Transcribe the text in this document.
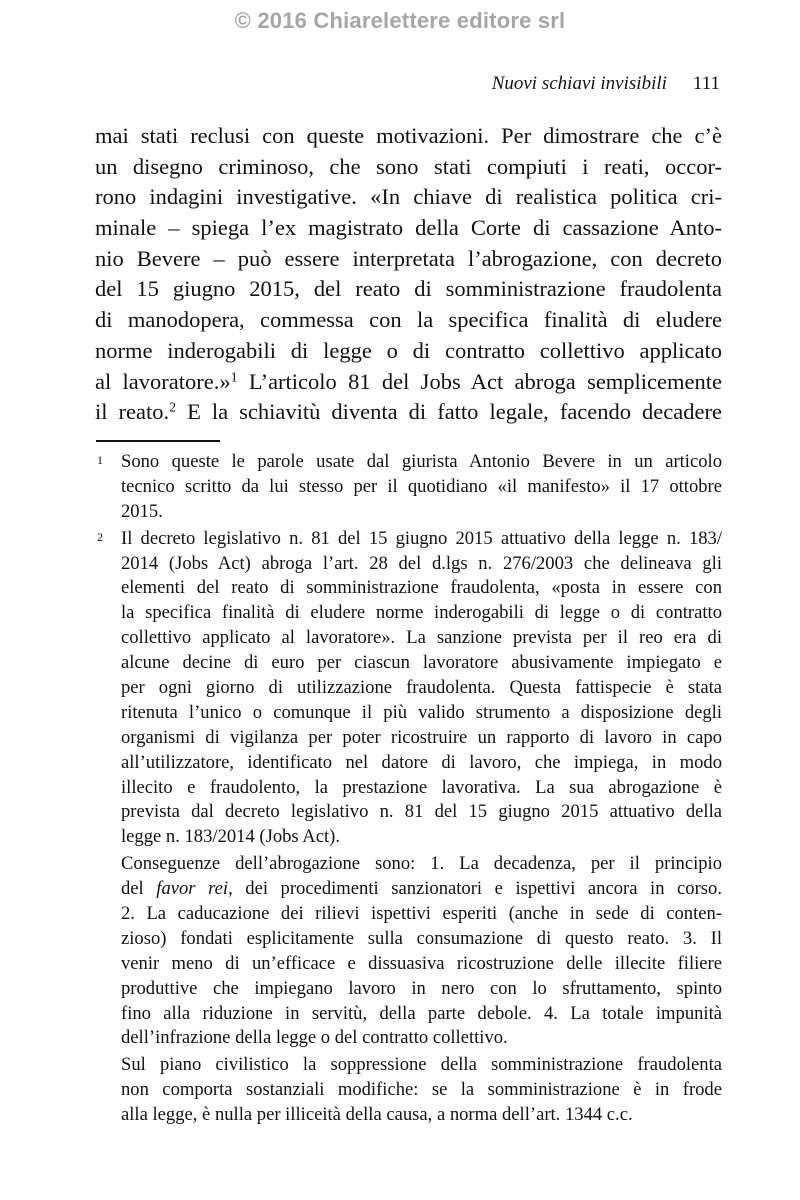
© 2016 Chiarelettere editore srl
Nuovi schiavi invisibili 111
mai stati reclusi con queste motivazioni. Per dimostrare che c’è
un disegno criminoso, che sono stati compiuti i reati, occor-
rono indagini investigative. «In chiave di realistica politica cri-
minale – spiega l’ex magistrato della Corte di cassazione Anto-
nio Bevere – può essere interpretata l’abrogazione, con decreto
del 15 giugno 2015, del reato di somministrazione fraudolenta
di manodopera, commessa con la specifica finalità di eludere
norme inderogabili di legge o di contratto collettivo applicato
al lavoratore.»$^1$ L’articolo 81 del Jobs Act abroga semplicemente
il reato.$^2$ E la schiavitù diventa di fatto legale, facendo decadere
1 Sono queste le parole usate dal giurista Antonio Bevere in un articolo
tecnico scritto da lui stesso per il quotidiano «il manifesto» il 17 ottobre
2015.
2 Il decreto legislativo n. 81 del 15 giugno 2015 attuativo della legge n. 183/
2014 (Jobs Act) abroga l’art. 28 del d.lgs n. 276/2003 che delineava gli
elementi del reato di somministrazione fraudolenta, «posta in essere con
la specifica finalità di eludere norme inderogabili di legge o di contratto
collettivo applicato al lavoratore». La sanzione prevista per il reo era di
alcune decine di euro per ciascun lavoratore abusivamente impiegato e
per ogni giorno di utilizzazione fraudolenta. Questa fattispecie è stata
ritenuta l’unico o comunque il più valido strumento a disposizione degli
organismi di vigilanza per poter ricostruire un rapporto di lavoro in capo
all’utilizzatore, identificato nel datore di lavoro, che impiega, in modo
illecito e fraudolento, la prestazione lavorativa. La sua abrogazione è
prevista dal decreto legislativo n. 81 del 15 giugno 2015 attuativo della
legge n. 183/2014 (Jobs Act).
Conseguenze dell’abrogazione sono: 1. La decadenza, per il principio
del favor rei, dei procedimenti sanzionatori e ispettivi ancora in corso.
2. La caducazione dei rilievi ispettivi esperiti (anche in sede di conten-
zioso) fondati esplicitamente sulla consumazione di questo reato. 3. Il
venir meno di un’efficace e dissuasiva ricostruzione delle illecite filiere
produttive che impiegano lavoro in nero con lo sfruttamento, spinto
fino alla riduzione in servitù, della parte debole. 4. La totale impunità
dell’infrazione della legge o del contratto collettivo.
Sul piano civilistico la soppressione della somministrazione fraudolenta
non comporta sostanziali modifiche: se la somministrazione è in frode
alla legge, è nulla per illiceità della causa, a norma dell’art. 1344 c.c.
